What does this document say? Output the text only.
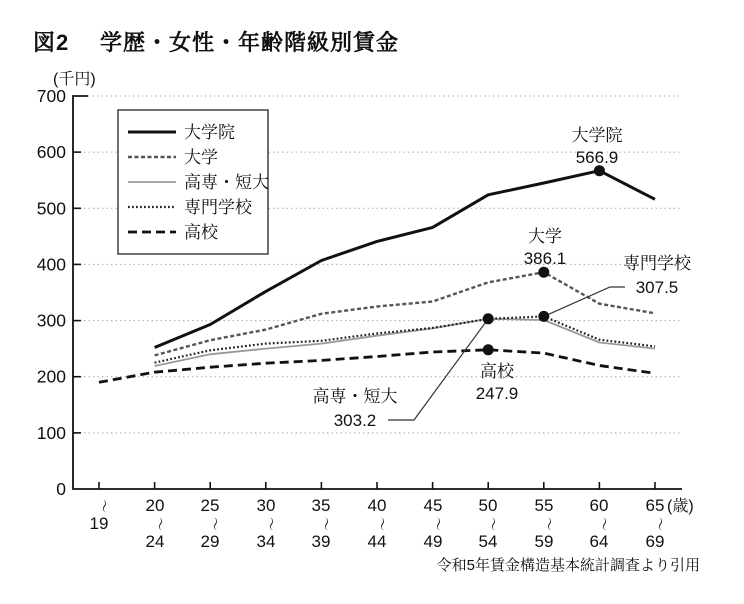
図2 学歴・女性・年齢階級別賃金
(千円)
0
100
200
300
400
500
600
700
〜
19
20
〜
24
25
〜
29
30
〜
34
35
〜
39
40
〜
44
45
〜
49
50
〜
54
55
〜
59
60
〜
64
65 (歳)
〜
69
大学院
大学
高専・短大
専門学校
高校
大学院
566.9
大学
386.1	専門学校
307.5
高専・短大
303.2
高校
247.9
令和5年賃金構造基本統計調査より引用
